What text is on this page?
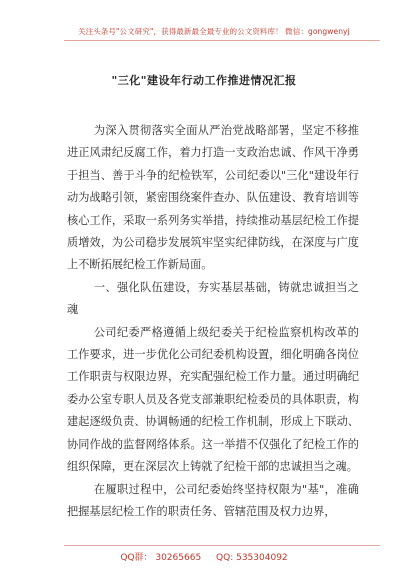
关注头条号"公文研究"，获得最新最全最专业的公文资料库！ 微信：gongwenyj
"三化"建设年行动工作推进情况汇报

为深入贯彻落实全面从严治党战略部署，坚定不移推进正风肃纪反腐工作，着力打造一支政治忠诚、作风干净勇于担当、善于斗争的纪检铁军，公司纪委以"三化"建设年行动为战略引领，紧密围绕案件查办、队伍建设、教育培训等核心工作，采取一系列务实举措，持续推动基层纪检工作提质增效，为公司稳步发展筑牢坚实纪律防线，在深度与广度上不断拓展纪检工作新局面。

一、强化队伍建设，夯实基层基础，铸就忠诚担当之魂

公司纪委严格遵循上级纪委关于纪检监察机构改革的工作要求，进一步优化公司纪委机构设置，细化明确各岗位工作职责与权限边界，充实配强纪检工作力量。通过明确纪委办公室专职人员及各党支部兼职纪检委员的具体职责，构建起逐级负责、协调畅通的纪检工作机制，形成上下联动、协同作战的监督网络体系。这一举措不仅强化了纪检工作的组织保障，更在深层次上铸就了纪检干部的忠诚担当之魂。

在履职过程中，公司纪委始终坚持权限为"基"，准确把握基层纪检工作的职责任务、管辖范围及权力边界，

QQ群： 30265665 QQ: 535304092
